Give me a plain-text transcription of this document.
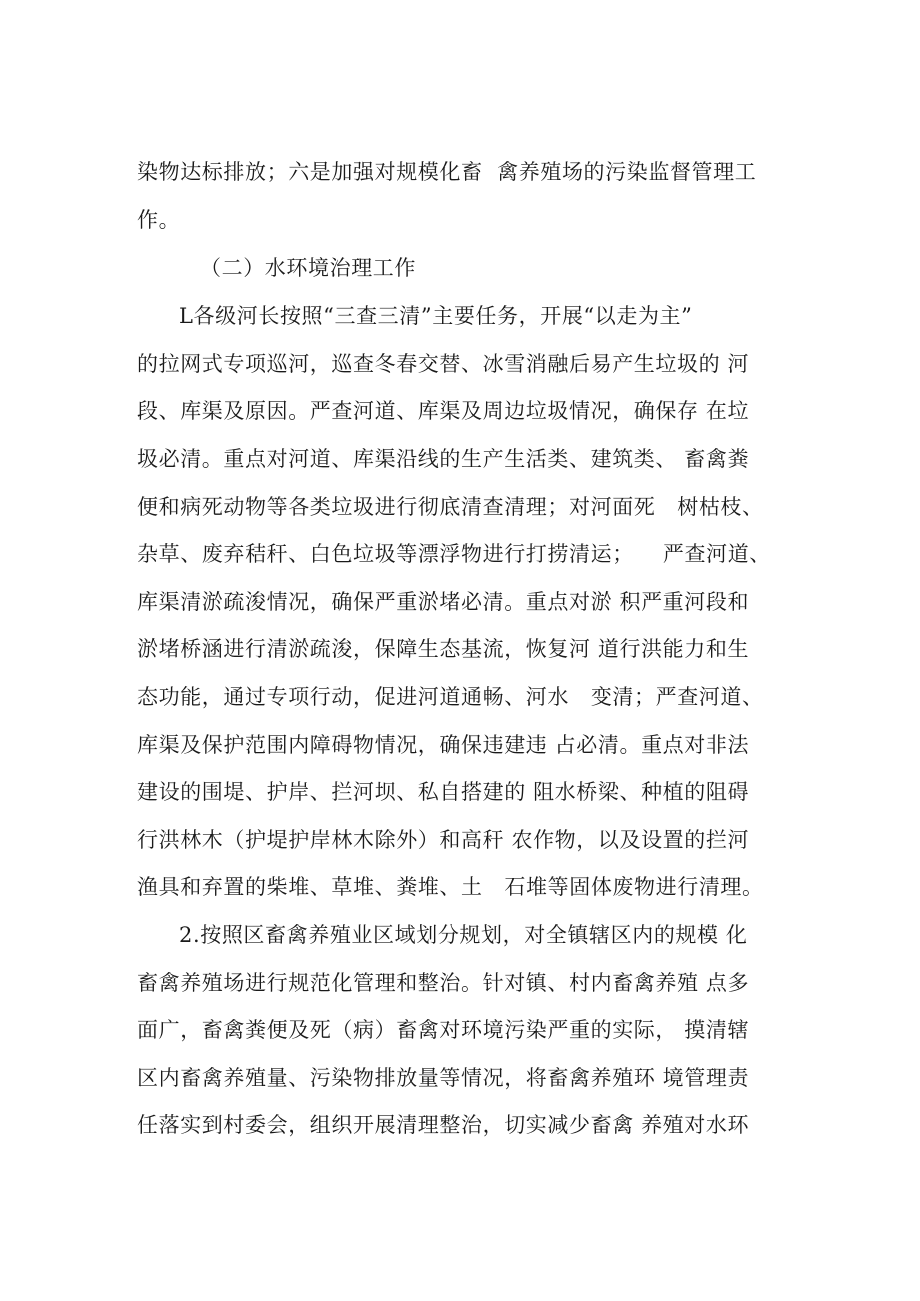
染物达标排放；六是加强对规模化畜  禽养殖场的污染监督管理工
作。
（二）水环境治理工作
L各级河长按照“三查三清”主要任务，开展“以走为主”
的拉网式专项巡河，巡查冬春交替、冰雪消融后易产生垃圾的 河
段、库渠及原因。严查河道、库渠及周边垃圾情况，确保存 在垃
圾必清。重点对河道、库渠沿线的生产生活类、建筑类、 畜禽粪
便和病死动物等各类垃圾进行彻底清查清理；对河面死   树枯枝、
杂草、废弃秸秆、白色垃圾等漂浮物进行打捞清运；    严查河道、
库渠清淤疏浚情况，确保严重淤堵必清。重点对淤 积严重河段和
淤堵桥涵进行清淤疏浚，保障生态基流，恢复河 道行洪能力和生
态功能，通过专项行动，促进河道通畅、河水   变清；严查河道、
库渠及保护范围内障碍物情况，确保违建违 占必清。重点对非法
建设的围堤、护岸、拦河坝、私自搭建的 阻水桥梁、种植的阻碍
行洪林木（护堤护岸林木除外）和高秆 农作物，以及设置的拦河
渔具和弃置的柴堆、草堆、粪堆、土   石堆等固体废物进行清理。
2.按照区畜禽养殖业区域划分规划，对全镇辖区内的规模 化
畜禽养殖场进行规范化管理和整治。针对镇、村内畜禽养殖 点多
面广，畜禽粪便及死（病）畜禽对环境污染严重的实际， 摸清辖
区内畜禽养殖量、污染物排放量等情况，将畜禽养殖环 境管理责
任落实到村委会，组织开展清理整治，切实减少畜禽 养殖对水环
